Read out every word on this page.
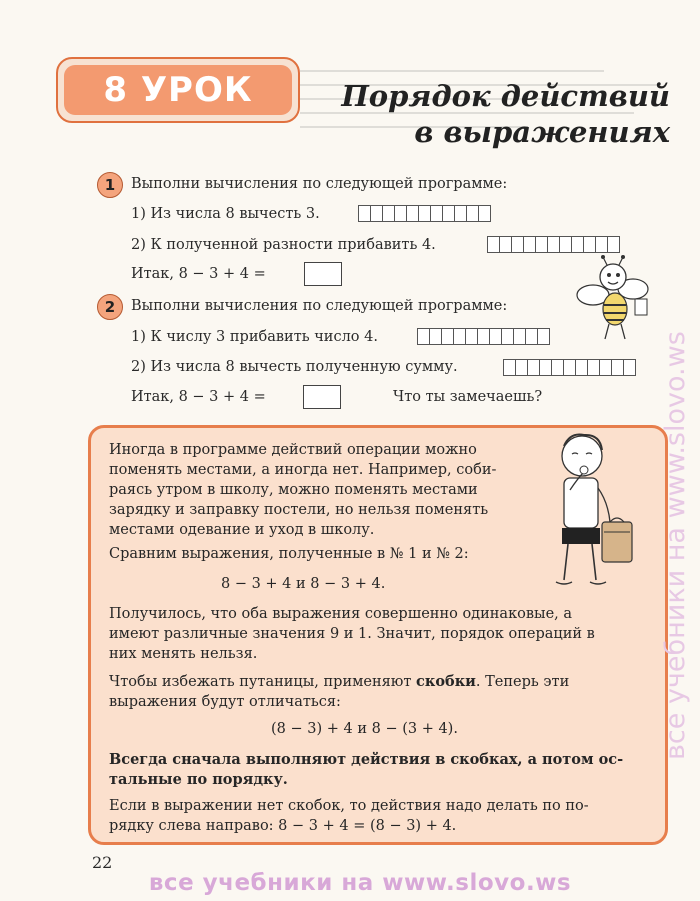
8 УРОК	Порядок действий
в выражениях
1 Выполни вычисления по следующей программе:
1) Из числа 8 вычесть 3.
2) К полученной разности прибавить 4.
Итак, 8 − 3 + 4 =
2 Выполни вычисления по следующей программе:
1) К числу 3 прибавить число 4.
2) Из числа 8 вычесть полученную сумму.
Итак, 8 − 3 + 4 =	Что ты замечаешь?
Иногда в программе действий операции можно
поменять местами, а иногда нет. Например, соби-
раясь утром в школу, можно поменять местами
зарядку и заправку постели, но нельзя поменять
местами одевание и уход в школу.
Сравним выражения, полученные в № 1 и № 2:
8 − 3 + 4 и 8 − 3 + 4.
Получилось, что оба выражения совершенно одинаковые, а
имеют различные значения 9 и 1. Значит, порядок операций в
них менять нельзя.
Чтобы избежать путаницы, применяют скобки. Теперь эти
выражения будут отличаться:
(8 − 3) + 4 и 8 − (3 + 4).
Всегда сначала выполняют действия в скобках, а потом ос-
тальные по порядку.
Если в выражении нет скобок, то действия надо делать по по-
рядку слева направо: 8 − 3 + 4 = (8 − 3) + 4.
22
все учебники на www.slovo.ws
все учебники на www.slovo.ws
